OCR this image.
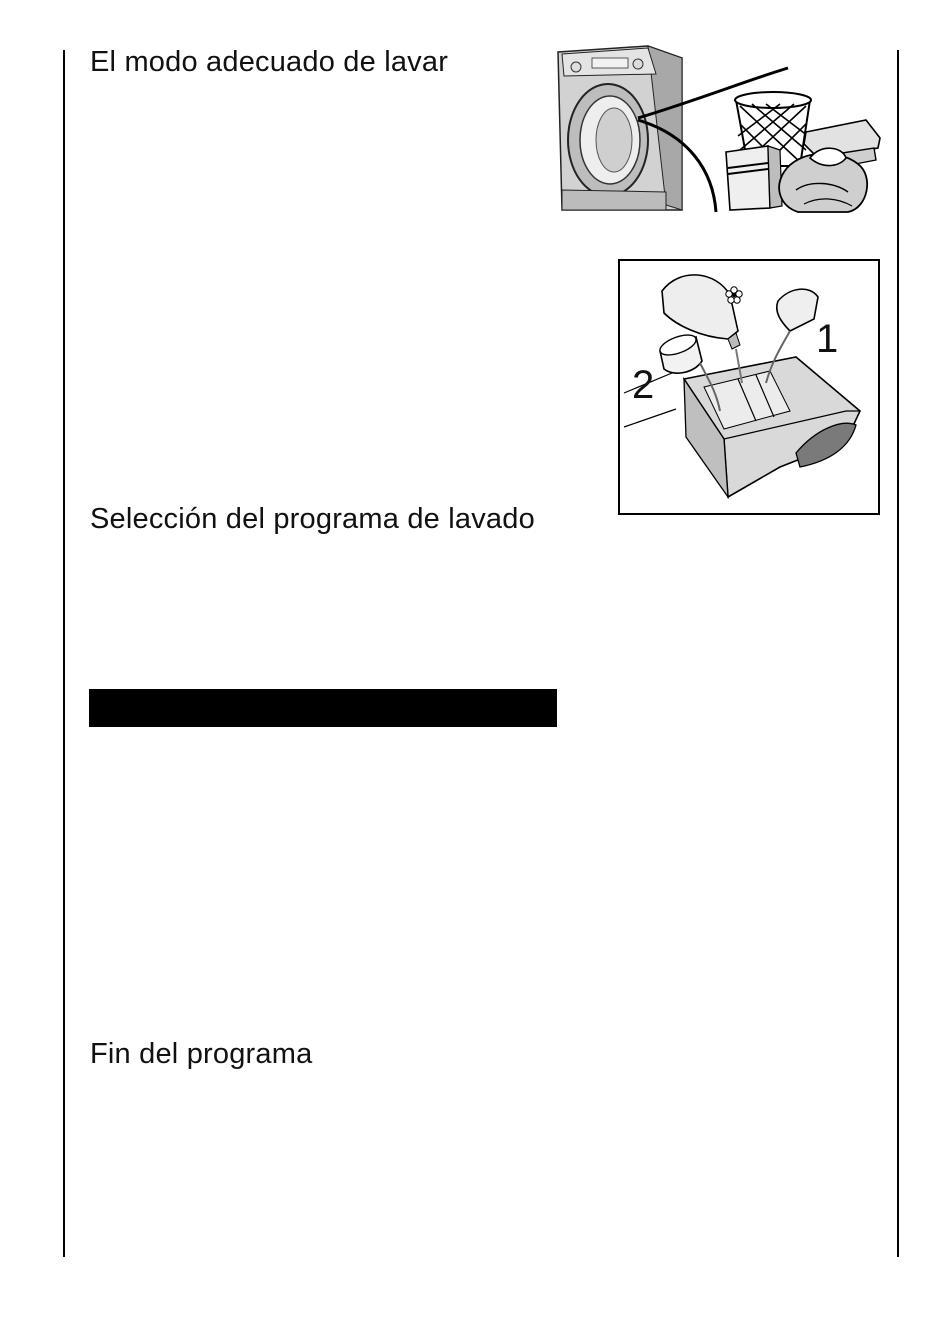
El modo adecuado de lavar
1
2
Selección del programa de lavado
Fin del programa
